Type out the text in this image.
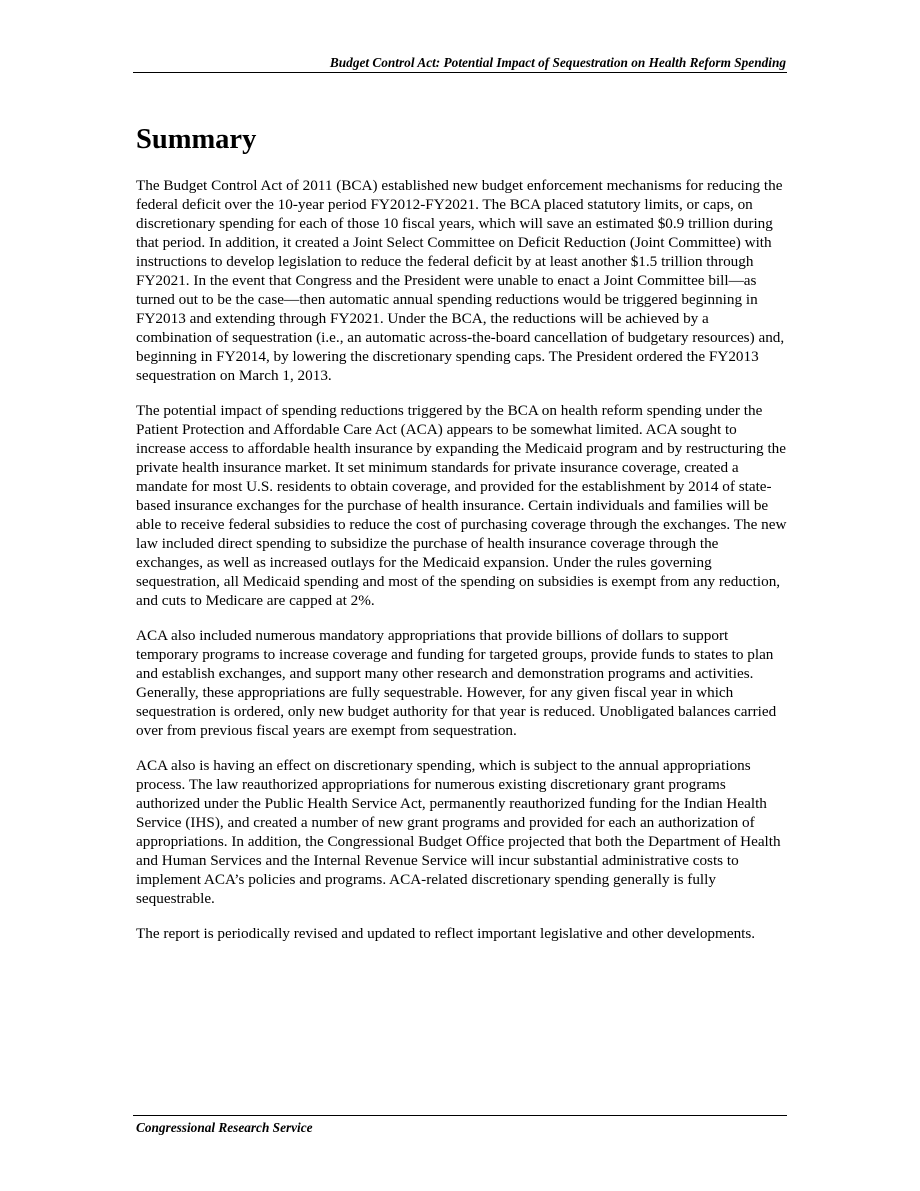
Budget Control Act: Potential Impact of Sequestration on Health Reform Spending
Summary

The Budget Control Act of 2011 (BCA) established new budget enforcement mechanisms for reducing the federal deficit over the 10-year period FY2012-FY2021. The BCA placed statutory limits, or caps, on discretionary spending for each of those 10 fiscal years, which will save an estimated $0.9 trillion during that period. In addition, it created a Joint Select Committee on Deficit Reduction (Joint Committee) with instructions to develop legislation to reduce the federal deficit by at least another $1.5 trillion through FY2021. In the event that Congress and the President were unable to enact a Joint Committee bill—as turned out to be the case—then automatic annual spending reductions would be triggered beginning in FY2013 and extending through FY2021. Under the BCA, the reductions will be achieved by a combination of sequestration (i.e., an automatic across-the-board cancellation of budgetary resources) and, beginning in FY2014, by lowering the discretionary spending caps. The President ordered the FY2013 sequestration on March 1, 2013.

The potential impact of spending reductions triggered by the BCA on health reform spending under the Patient Protection and Affordable Care Act (ACA) appears to be somewhat limited. ACA sought to increase access to affordable health insurance by expanding the Medicaid program and by restructuring the private health insurance market. It set minimum standards for private insurance coverage, created a mandate for most U.S. residents to obtain coverage, and provided for the establishment by 2014 of state-based insurance exchanges for the purchase of health insurance. Certain individuals and families will be able to receive federal subsidies to reduce the cost of purchasing coverage through the exchanges. The new law included direct spending to subsidize the purchase of health insurance coverage through the exchanges, as well as increased outlays for the Medicaid expansion. Under the rules governing sequestration, all Medicaid spending and most of the spending on subsidies is exempt from any reduction, and cuts to Medicare are capped at 2%.

ACA also included numerous mandatory appropriations that provide billions of dollars to support temporary programs to increase coverage and funding for targeted groups, provide funds to states to plan and establish exchanges, and support many other research and demonstration programs and activities. Generally, these appropriations are fully sequestrable. However, for any given fiscal year in which sequestration is ordered, only new budget authority for that year is reduced. Unobligated balances carried over from previous fiscal years are exempt from sequestration.

ACA also is having an effect on discretionary spending, which is subject to the annual appropriations process. The law reauthorized appropriations for numerous existing discretionary grant programs authorized under the Public Health Service Act, permanently reauthorized funding for the Indian Health Service (IHS), and created a number of new grant programs and provided for each an authorization of appropriations. In addition, the Congressional Budget Office projected that both the Department of Health and Human Services and the Internal Revenue Service will incur substantial administrative costs to implement ACA’s policies and programs. ACA-related discretionary spending generally is fully sequestrable.

The report is periodically revised and updated to reflect important legislative and other developments.

Congressional Research Service
